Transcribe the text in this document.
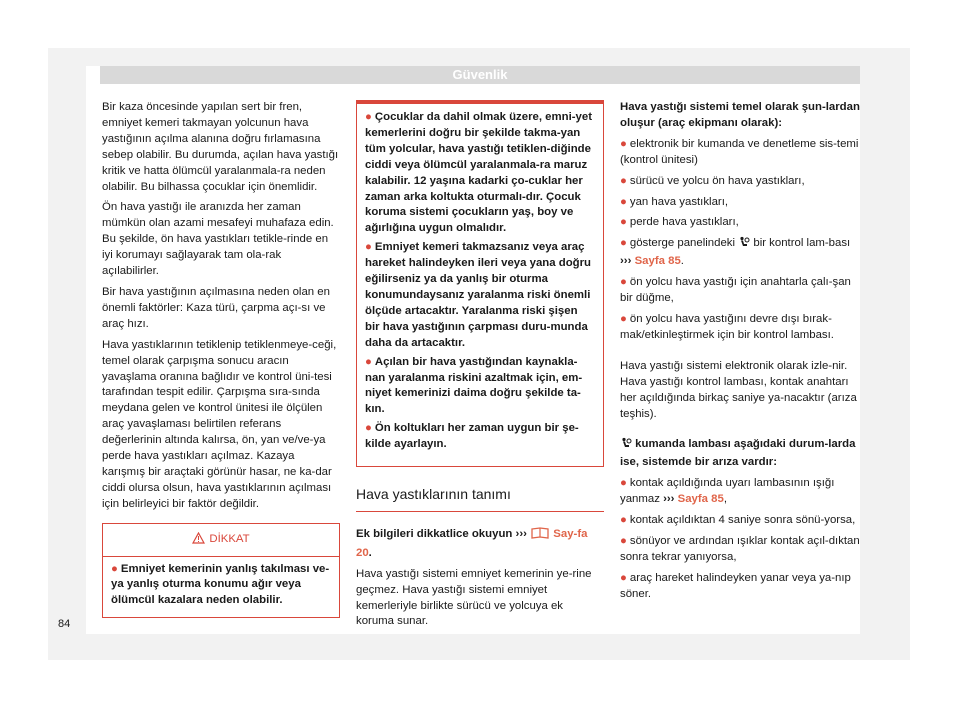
Güvenlik

Bir kaza öncesinde yapılan sert bir fren, emniyet kemeri takmayan yolcunun hava yastığının açılma alanına doğru fırlamasına sebep olabilir. Bu durumda, açılan hava yastığı kritik ve hatta ölümcül yaralanmala-ra neden olabilir. Bu bilhassa çocuklar için önemlidir.

Ön hava yastığı ile aranızda her zaman mümkün olan azami mesafeyi muhafaza edin. Bu şekilde, ön hava yastıkları tetikle-rinde en iyi korumayı sağlayarak tam ola-rak açılabilirler.

Bir hava yastığının açılmasına neden olan en önemli faktörler: Kaza türü, çarpma açı-sı ve araç hızı.

Hava yastıklarının tetiklenip tetiklenmeye-ceği, temel olarak çarpışma sonucu aracın yavaşlama oranına bağlıdır ve kontrol üni-tesi tarafından tespit edilir. Çarpışma sıra-sında meydana gelen ve kontrol ünitesi ile ölçülen araç yavaşlaması belirtilen referans değerlerinin altında kalırsa, ön, yan ve/ve-ya perde hava yastıkları açılmaz. Kazaya karışmış bir araçtaki görünür hasar, ne ka-dar ciddi olursa olsun, hava yastıklarının açılması için belirleyici bir faktör değildir.

DİKKAT
● Emniyet kemerinin yanlış takılması ve-ya yanlış oturma konumu ağır veya ölümcül kazalara neden olabilir.

● Çocuklar da dahil olmak üzere, emni-yet kemerlerini doğru bir şekilde takma-yan tüm yolcular, hava yastığı tetiklen-diğinde ciddi veya ölümcül yaralanmala-ra maruz kalabilir. 12 yaşına kadarki ço-cuklar her zaman arka koltukta oturmalı-dır. Çocuk koruma sistemi çocukların yaş, boy ve ağırlığına uygun olmalıdır.

● Emniyet kemeri takmazsanız veya araç hareket halindeyken ileri veya yana doğru eğilirseniz ya da yanlış bir oturma konumundaysanız yaralanma riski önemli ölçüde artacaktır. Yaralanma riski şişen bir hava yastığının çarpması duru-munda daha da artacaktır.

● Açılan bir hava yastığından kaynakla-nan yaralanma riskini azaltmak için, em-niyet kemerinizi daima doğru şekilde ta-kın.

● Ön koltukları her zaman uygun bir şe-kilde ayarlayın.

Hava yastıklarının tanımı

Ek bilgileri dikkatlice okuyun ››› Say-fa 20.

Hava yastığı sistemi emniyet kemerinin ye-rine geçmez. Hava yastığı sistemi emniyet kemerleriyle birlikte sürücü ve yolcuya ek koruma sunar.

Hava yastığı sistemi temel olarak şun-lardan oluşur (araç ekipmanı olarak):

● elektronik bir kumanda ve denetleme sis-temi (kontrol ünitesi)

● sürücü ve yolcu ön hava yastıkları,

● yan hava yastıkları,

● perde hava yastıkları,

● gösterge panelindeki bir kontrol lam-bası ››› Sayfa 85.

● ön yolcu hava yastığı için anahtarla çalı-şan bir düğme,

● ön yolcu hava yastığını devre dışı bırak-mak/etkinleştirmek için bir kontrol lambası.

Hava yastığı sistemi elektronik olarak izle-nir. Hava yastığı kontrol lambası, kontak anahtarı her açıldığında birkaç saniye ya-nacaktır (arıza teşhis).

kumanda lambası aşağıdaki durum-larda ise, sistemde bir arıza vardır:

● kontak açıldığında uyarı lambasının ışığı yanmaz ››› Sayfa 85,

● kontak açıldıktan 4 saniye sonra sönü-yorsa,

● sönüyor ve ardından ışıklar kontak açıl-dıktan sonra tekrar yanıyorsa,

● araç hareket halindeyken yanar veya ya-nıp söner.

84
